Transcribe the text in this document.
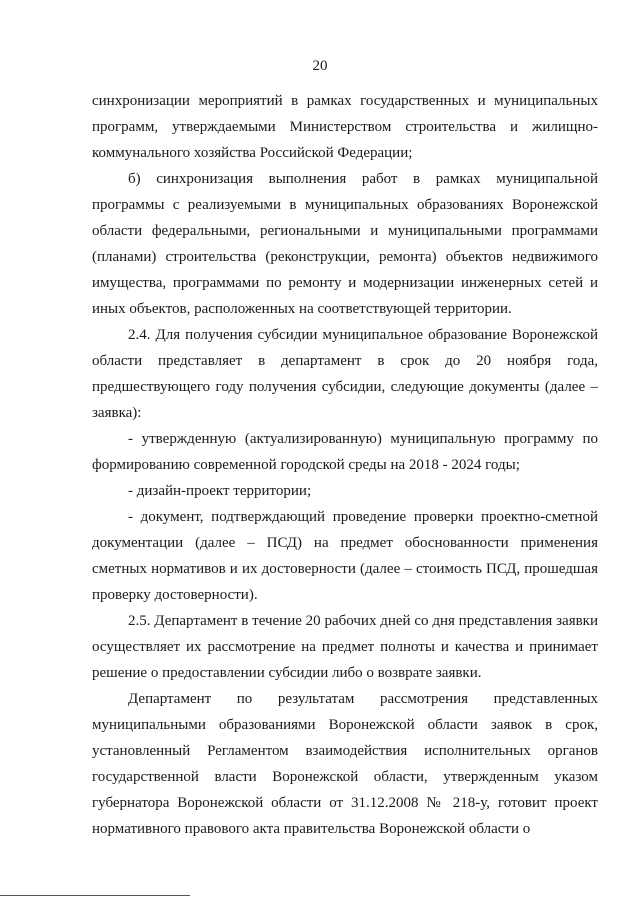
20

синхронизации мероприятий в рамках государственных и муниципальных программ, утверждаемыми Министерством строительства и жилищно-коммунального хозяйства Российской Федерации;

б) синхронизация выполнения работ в рамках муниципальной программы с реализуемыми в муниципальных образованиях Воронежской области федеральными, региональными и муниципальными программами (планами) строительства (реконструкции, ремонта) объектов недвижимого имущества, программами по ремонту и модернизации инженерных сетей и иных объектов, расположенных на соответствующей территории.

2.4. Для получения субсидии муниципальное образование Воронежской области представляет в департамент в срок до 20 ноября года, предшествующего году получения субсидии, следующие документы (далее – заявка):

- утвержденную (актуализированную) муниципальную программу по формированию современной городской среды на 2018 - 2024 годы;

- дизайн-проект территории;

- документ, подтверждающий проведение проверки проектно-сметной документации (далее – ПСД) на предмет обоснованности применения сметных нормативов и их достоверности (далее – стоимость ПСД, прошедшая проверку достоверности).

2.5. Департамент в течение 20 рабочих дней со дня представления заявки осуществляет их рассмотрение на предмет полноты и качества и принимает решение о предоставлении субсидии либо о возврате заявки.

Департамент по результатам рассмотрения представленных муниципальными образованиями Воронежской области заявок в срок, установленный Регламентом взаимодействия исполнительных органов государственной власти Воронежской области, утвержденным указом губернатора Воронежской области от 31.12.2008 № 218-у, готовит проект нормативного правового акта правительства Воронежской области о
